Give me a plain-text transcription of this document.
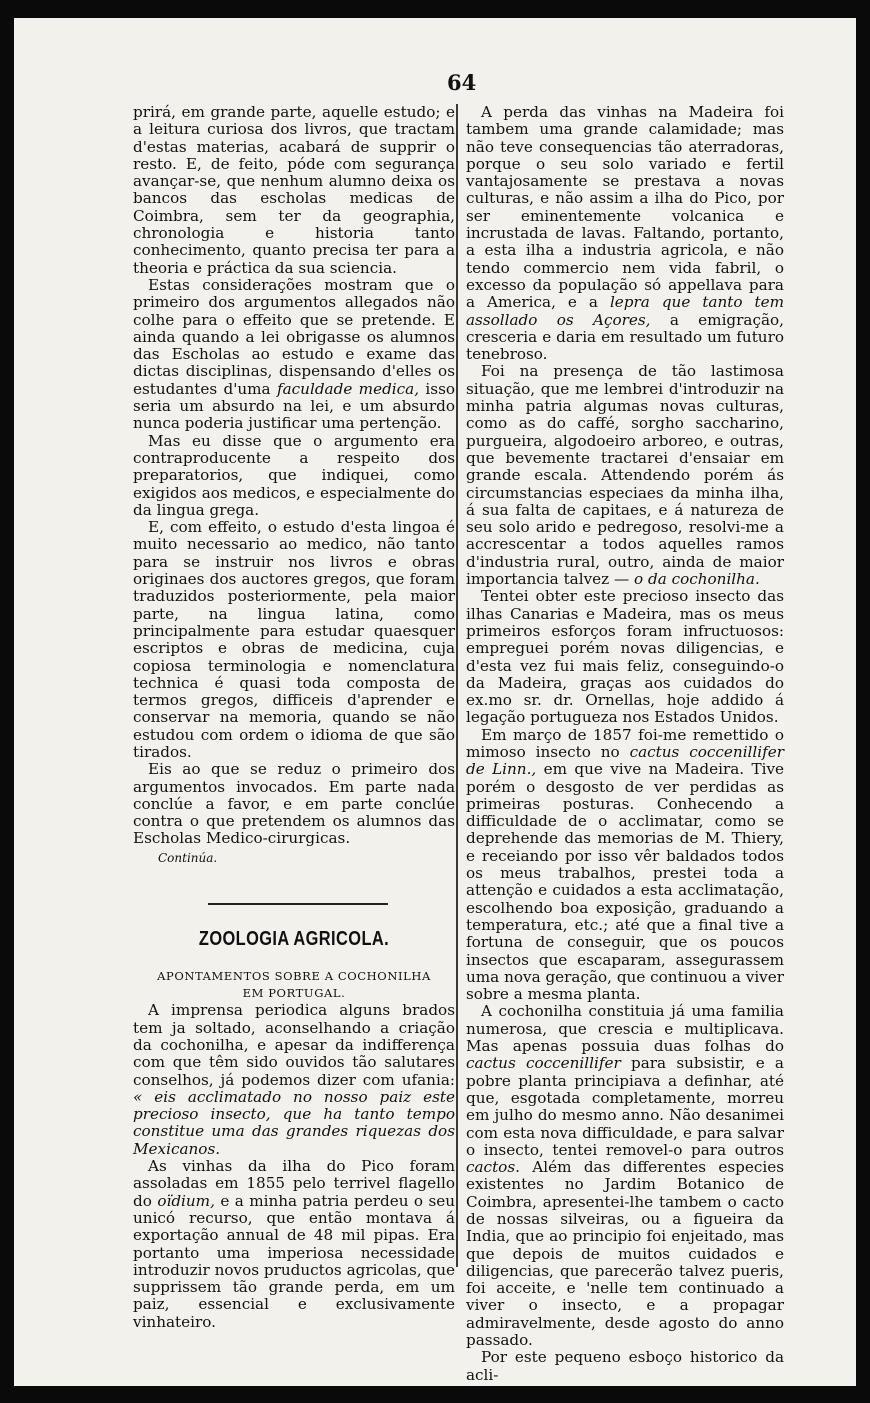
64

prirá, em grande parte, aquelle estudo; e a leitura curiosa dos livros, que tractam d'estas materias, acabará de supprir o resto. E, de feito, póde com segurança avançar-se, que nenhum alumno deixa os bancos das escholas medicas de Coimbra, sem ter da geographia, chronologia e historia tanto conhecimento, quanto precisa ter para a theoria e práctica da sua sciencia.

Estas considerações mostram que o primeiro dos argumentos allegados não colhe para o effeito que se pretende. E ainda quando a lei obrigasse os alumnos das Escholas ao estudo e exame das dictas disciplinas, dispensando d'elles os estudantes d'uma faculdade medica, isso seria um absurdo na lei, e um absurdo nunca poderia justificar uma pertenção.

Mas eu disse que o argumento era contraproducente a respeito dos preparatorios, que indiquei, como exigidos aos medicos, e especialmente do da lingua grega.

E, com effeito, o estudo d'esta lingoa é muito necessario ao medico, não tanto para se instruir nos livros e obras originaes dos auctores gregos, que foram traduzidos posteriormente, pela maior parte, na lingua latina, como principalmente para estudar quaesquer escriptos e obras de medicina, cuja copiosa terminologia e nomenclatura technica é quasi toda composta de termos gregos, difficeis d'aprender e conservar na memoria, quando se não estudou com ordem o idioma de que são tirados.

Eis ao que se reduz o primeiro dos argumentos invocados. Em parte nada conclúe a favor, e em parte conclúe contra o que pretendem os alumnos das Escholas Medico-cirurgicas.

Continúa.

ZOOLOGIA AGRICOLA.

APONTAMENTOS SOBRE A COCHONILHA
EM PORTUGAL.

A imprensa periodica alguns brados tem ja soltado, aconselhando a criação da cochonilha, e apesar da indifferença com que têm sido ouvidos tão salutares conselhos, já podemos dizer com ufania: « eis acclimatado no nosso paiz este precioso insecto, que ha tanto tempo constitue uma das grandes riquezas dos Mexicanos.

As vinhas da ilha do Pico foram assoladas em 1855 pelo terrivel flagello do oïdium, e a minha patria perdeu o seu unicó recurso, que então montava á exportação annual de 48 mil pipas. Era portanto uma imperiosa necessidade introduzir novos pruductos agricolas, que supprissem tão grande perda, em um paiz, essencial e exclusivamente vinhateiro.

A perda das vinhas na Madeira foi tambem uma grande calamidade; mas não teve consequencias tão aterradoras, porque o seu solo variado e fertil vantajosamente se prestava a novas culturas, e não assim a ilha do Pico, por ser eminentemente volcanica e incrustada de lavas. Faltando, portanto, a esta ilha a industria agricola, e não tendo commercio nem vida fabril, o excesso da população só appellava para a America, e a lepra que tanto tem assollado os Açores, a emigração, cresceria e daria em resultado um futuro tenebroso.

Foi na presença de tão lastimosa situação, que me lembrei d'introduzir na minha patria algumas novas culturas, como as do caffé, sorgho saccharino, purgueira, algodoeiro arboreo, e outras, que bevemente tractarei d'ensaiar em grande escala. Attendendo porém ás circumstancias especiaes da minha ilha, á sua falta de capitaes, e á natureza de seu solo arido e pedregoso, resolvi-me a accrescentar a todos aquelles ramos d'industria rural, outro, ainda de maior importancia talvez — o da cochonilha.

Tentei obter este precioso insecto das ilhas Canarias e Madeira, mas os meus primeiros esforços foram infructuosos: empreguei porém novas diligencias, e d'esta vez fui mais feliz, conseguindo-o da Madeira, graças aos cuidados do ex.mo sr. dr. Ornellas, hoje addido á legação portugueza nos Estados Unidos.

Em março de 1857 foi-me remettido o mimoso insecto no cactus coccenillifer de Linn., em que vive na Madeira. Tive porém o desgosto de ver perdidas as primeiras posturas. Conhecendo a difficuldade de o acclimatar, como se deprehende das memorias de M. Thiery, e receiando por isso vêr baldados todos os meus trabalhos, prestei toda a attenção e cuidados a esta acclimatação, escolhendo boa exposição, graduando a temperatura, etc.; até que a final tive a fortuna de conseguir, que os poucos insectos que escaparam, assegurassem uma nova geração, que continuou a viver sobre a mesma planta.

A cochonilha constituia já uma familia numerosa, que crescia e multiplicava. Mas apenas possuia duas folhas do cactus coccenillifer para subsistir, e a pobre planta principiava a definhar, até que, esgotada completamente, morreu em julho do mesmo anno. Não desanimei com esta nova difficuldade, e para salvar o insecto, tentei removel-o para outros cactos. Além das differentes especies existentes no Jardim Botanico de Coimbra, apresentei-lhe tambem o cacto de nossas silveiras, ou a figueira da India, que ao principio foi enjeitado, mas que depois de muitos cuidados e diligencias, que parecerão talvez pueris, foi acceite, e 'nelle tem continuado a viver o insecto, e a propagar admiravelmente, desde agosto do anno passado.

Por este pequeno esboço historico da acli-
